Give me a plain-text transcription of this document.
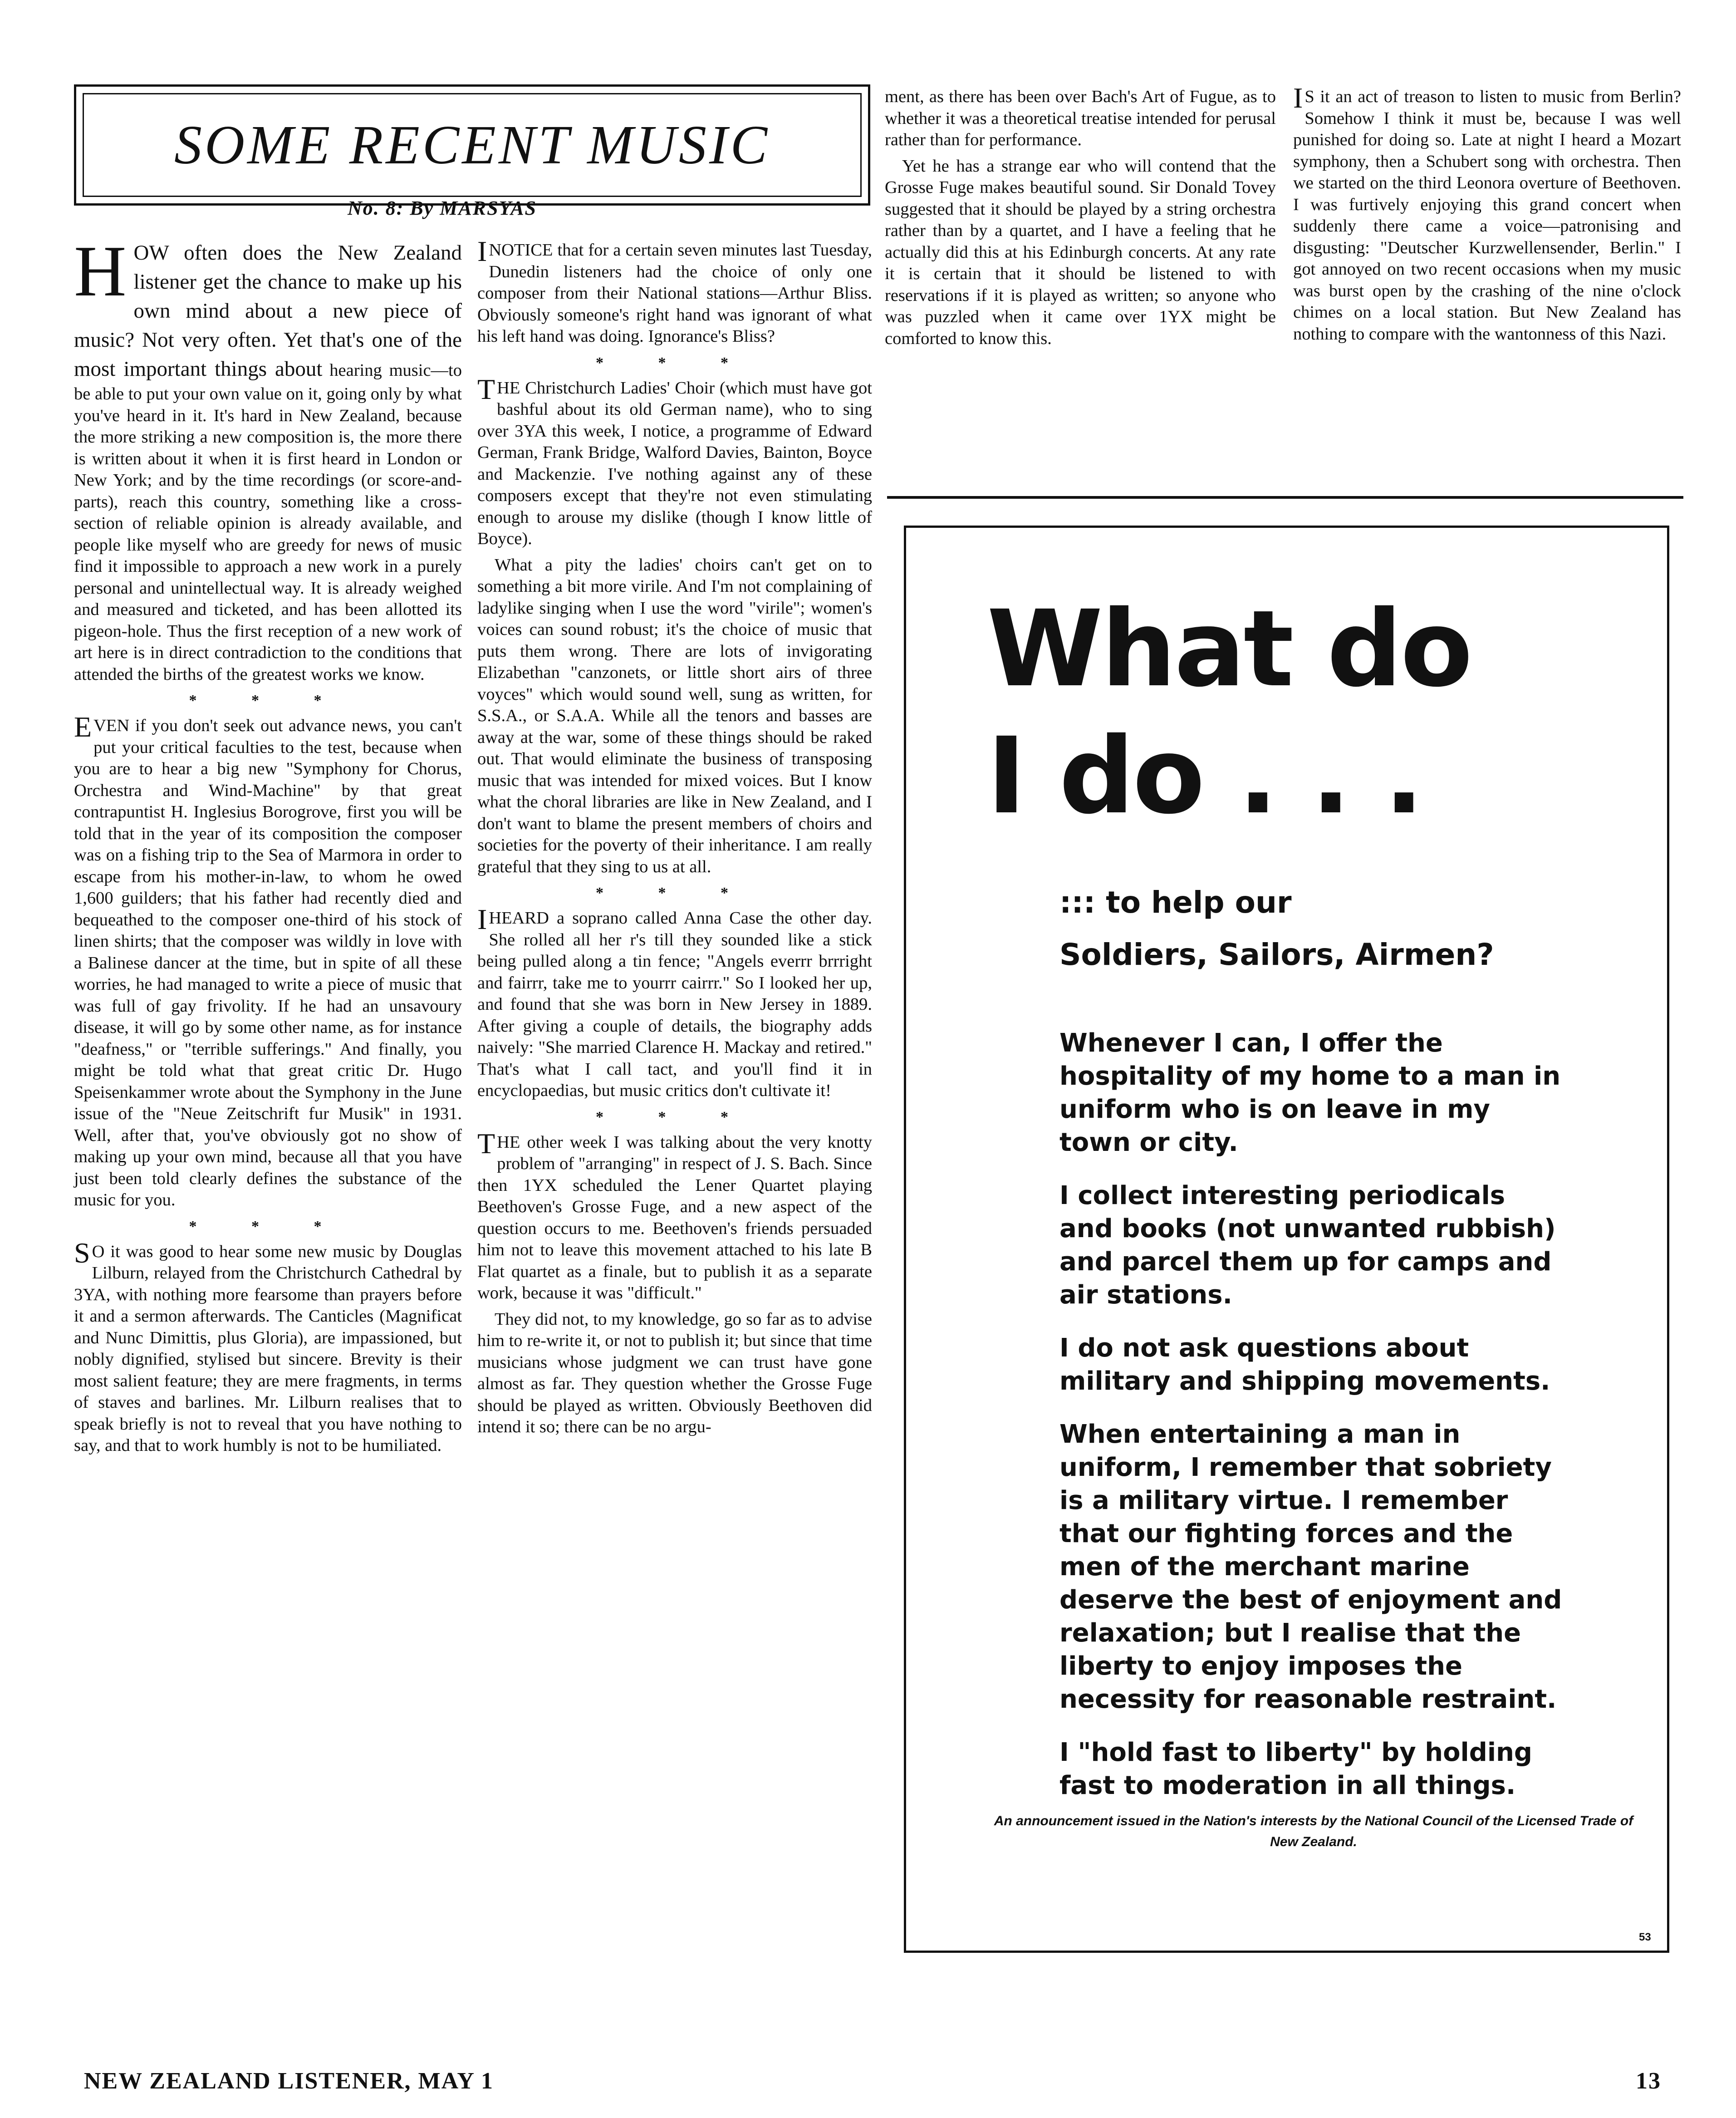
SOME RECENT MUSIC
No. 8: By MARSYAS

H OW often does the New Zealand listener get the chance to make up his own mind about a new piece of music? Not very often. Yet that's one of the most important things about hearing music—to be able to put your own value on it, going only by what you've heard in it. It's hard in New Zealand, because the more striking a new composition is, the more there is written about it when it is first heard in London or New York; and by the time recordings (or score-and-parts), reach this country, something like a cross-section of reliable opinion is already available, and people like myself who are greedy for news of music find it impossible to approach a new work in a purely personal and unintellectual way. It is already weighed and measured and ticketed, and has been allotted its pigeon-hole. Thus the first reception of a new work of art here is in direct contradiction to the conditions that attended the births of the greatest works we know.

* * *

EVEN if you don't seek out advance news, you can't put your critical faculties to the test, because when you are to hear a big new "Symphony for Chorus, Orchestra and Wind-Machine" by that great contrapuntist H. Inglesius Borogrove, first you will be told that in the year of its composition the composer was on a fishing trip to the Sea of Marmora in order to escape from his mother-in-law, to whom he owed 1,600 guilders; that his father had recently died and bequeathed to the composer one-third of his stock of linen shirts; that the composer was wildly in love with a Balinese dancer at the time, but in spite of all these worries, he had managed to write a piece of music that was full of gay frivolity. If he had an unsavoury disease, it will go by some other name, as for instance "deafness," or "terrible sufferings." And finally, you might be told what that great critic Dr. Hugo Speisenkammer wrote about the Symphony in the June issue of the "Neue Zeitschrift fur Musik" in 1931. Well, after that, you've obviously got no show of making up your own mind, because all that you have just been told clearly defines the substance of the music for you.

* * *

S O it was good to hear some new music by Douglas Lilburn, relayed from the Christchurch Cathedral by 3YA, with nothing more fearsome than prayers before it and a sermon afterwards. The Canticles (Magnificat and Nunc Dimittis, plus Gloria), are impassioned, but nobly dignified, stylised but sincere. Brevity is their most salient feature; they are mere fragments, in terms of staves and barlines. Mr. Lilburn realises that to speak briefly is not to reveal that you have nothing to say, and that to work humbly is not to be humiliated.

INOTICE that for a certain seven minutes last Tuesday, Dunedin listeners had the choice of only one composer from their National stations—Arthur Bliss. Obviously someone's right hand was ignorant of what his left hand was doing. Ignorance's Bliss?

* * *

THE Christchurch Ladies' Choir (which must have got bashful about its old German name), who to sing over 3YA this week, I notice, a programme of Edward German, Frank Bridge, Walford Davies, Bainton, Boyce and Mackenzie. I've nothing against any of these composers except that they're not even stimulating enough to arouse my dislike (though I know little of Boyce).

What a pity the ladies' choirs can't get on to something a bit more virile. And I'm not complaining of ladylike singing when I use the word "virile"; women's voices can sound robust; it's the choice of music that puts them wrong. There are lots of invigorating Elizabethan "canzonets, or little short airs of three voyces" which would sound well, sung as written, for S.S.A., or S.A.A. While all the tenors and basses are away at the war, some of these things should be raked out. That would eliminate the business of transposing music that was intended for mixed voices. But I know what the choral libraries are like in New Zealand, and I don't want to blame the present members of choirs and societies for the poverty of their inheritance. I am really grateful that they sing to us at all.

* * *

IHEARD a soprano called Anna Case the other day. She rolled all her r's till they sounded like a stick being pulled along a tin fence; "Angels everrr brrright and fairrr, take me to yourrr cairrr." So I looked her up, and found that she was born in New Jersey in 1889. After giving a couple of details, the biography adds naively: "She married Clarence H. Mackay and retired." That's what I call tact, and you'll find it in encyclopaedias, but music critics don't cultivate it!

* * *

THE other week I was talking about the very knotty problem of "arranging" in respect of J. S. Bach. Since then 1YX scheduled the Lener Quartet playing Beethoven's Grosse Fuge, and a new aspect of the question occurs to me. Beethoven's friends persuaded him not to leave this movement attached to his late B Flat quartet as a finale, but to publish it as a separate work, because it was "difficult."

They did not, to my knowledge, go so far as to advise him to re-write it, or not to publish it; but since that time musicians whose judgment we can trust have gone almost as far. They question whether the Grosse Fuge should be played as written. Obviously Beethoven did intend it so; there can be no argu-

ment, as there has been over Bach's Art of Fugue, as to whether it was a theoretical treatise intended for perusal rather than for performance.

Yet he has a strange ear who will contend that the Grosse Fuge makes beautiful sound. Sir Donald Tovey suggested that it should be played by a string orchestra rather than by a quartet, and I have a feeling that he actually did this at his Edinburgh concerts. At any rate it is certain that it should be listened to with reservations if it is played as written; so anyone who was puzzled when it came over 1YX might be comforted to know this.

I S it an act of treason to listen to music from Berlin? Somehow I think it must be, because I was well punished for doing so. Late at night I heard a Mozart symphony, then a Schubert song with orchestra. Then we started on the third Leonora overture of Beethoven. I was furtively enjoying this grand concert when suddenly there came a voice—patronising and disgusting: "Deutscher Kurzwellensender, Berlin." I got annoyed on two recent occasions when my music was burst open by the crashing of the nine o'clock chimes on a local station. But New Zealand has nothing to compare with the wantonness of this Nazi.

What do
I do . . .
::: to help our
Soldiers, Sailors, Airmen?

Whenever I can, I offer the hospitality of my home to a man in uniform who is on leave in my town or city.

I collect interesting periodicals and books (not unwanted rubbish) and parcel them up for camps and air stations.

I do not ask questions about military and shipping movements.

When entertaining a man in uniform, I remember that sobriety is a military virtue. I remember that our fighting forces and the men of the merchant marine deserve the best of enjoyment and relaxation; but I realise that the liberty to enjoy imposes the necessity for reasonable restraint.

I "hold fast to liberty" by holding fast to moderation in all things.

An announcement issued in the Nation's interests by the National Council of the Licensed Trade of New Zealand.
53
NEW ZEALAND LISTENER, MAY 1	13
